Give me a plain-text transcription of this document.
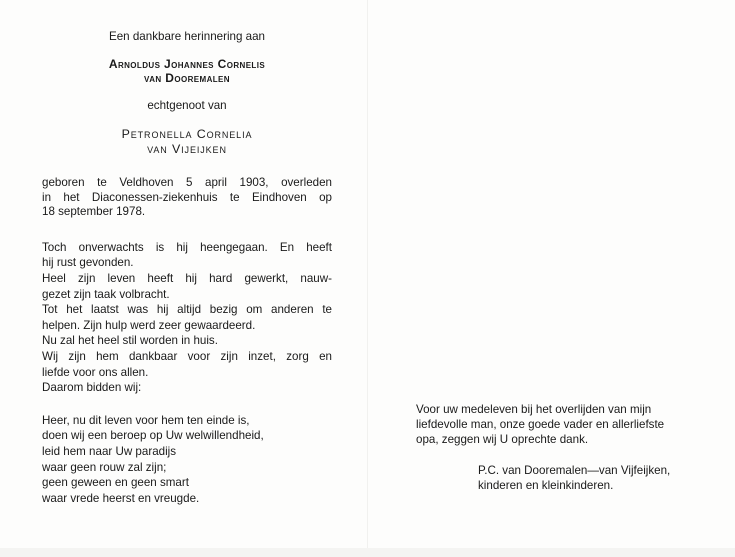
Een dankbare herinnering aan
Arnoldus Johannes Cornelis
van Dooremalen
echtgenoot van
Petronella Cornelia
van Vijeijken
geboren te Veldhoven 5 april 1903, overleden
in het Diaconessen-ziekenhuis te Eindhoven op
18 september 1978.
Toch onverwachts is hij heengegaan. En heeft
hij rust gevonden.
Heel zijn leven heeft hij hard gewerkt, nauw-
gezet zijn taak volbracht.
Tot het laatst was hij altijd bezig om anderen te
helpen. Zijn hulp werd zeer gewaardeerd.
Nu zal het heel stil worden in huis.
Wij zijn hem dankbaar voor zijn inzet, zorg en
liefde voor ons allen.
Daarom bidden wij:
Heer, nu dit leven voor hem ten einde is,
doen wij een beroep op Uw welwillendheid,
leid hem naar Uw paradijs
waar geen rouw zal zijn;
geen geween en geen smart
waar vrede heerst en vreugde.
Voor uw medeleven bij het overlijden van mijn
liefdevolle man, onze goede vader en allerliefste
opa, zeggen wij U oprechte dank.
P.C. van Dooremalen—van Vijfeijken,
kinderen en kleinkinderen.
